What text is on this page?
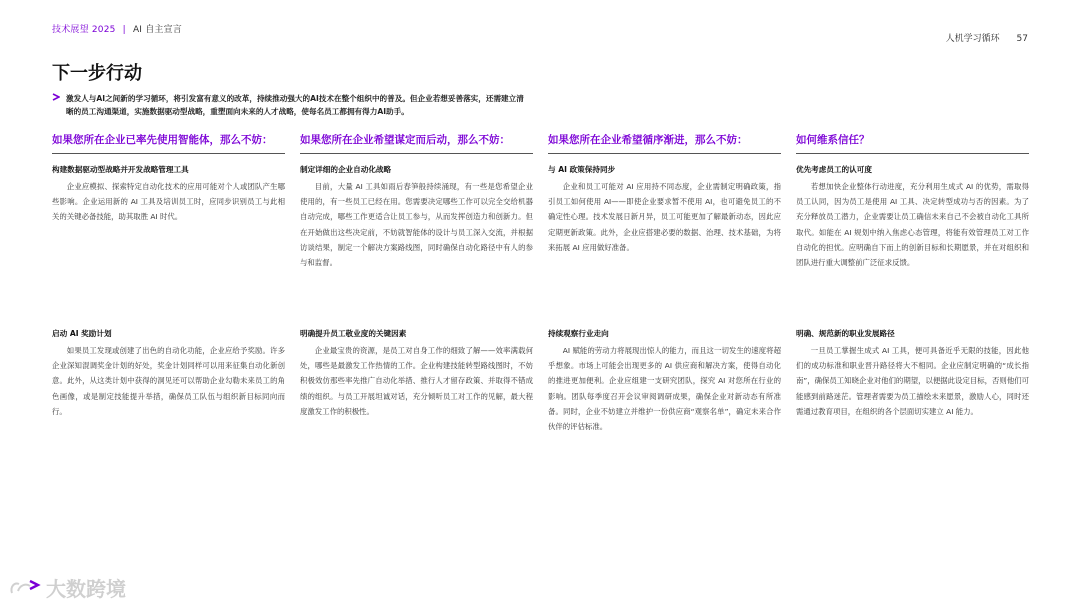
技术展望 2025 | AI 自主宣言
人机学习循环 57
下一步行动
激发人与AI之间新的学习循环，将引发富有意义的改革，持续推动强大的AI技术在整个组织中的普及。但企业若想妥善落实，还需建立清晰的员工沟通渠道，实施数据驱动型战略，重塑面向未来的人才战略，使每名员工都拥有得力AI助手。
如果您所在企业已率先使用智能体，那么不妨：
构建数据驱动型战略并开发战略管理工具
企业应模拟、探索特定自动化技术的应用可能对个人或团队产生哪些影响。企业运用新的 AI 工具及培训员工时，应同步识别员工与此相关的关键必备技能，助其取胜 AI 时代。
启动 AI 奖励计划
如果员工发现或创建了出色的自动化功能，企业应给予奖励。许多企业深知混调奖金计划的好处，奖金计划同样可以用来征集自动化新创意。此外，从这类计划中获得的洞见还可以帮助企业勾勒未来员工的角色画像，或是制定技能提升举措，确保员工队伍与组织新目标同向而行。
如果您所在企业希望谋定而后动，那么不妨：
制定详细的企业自动化战略
目前，大量 AI 工具如雨后春笋般持续涌现，有一些是您希望企业使用的，有一些员工已经在用。您需要决定哪些工作可以完全交给机器自动完成，哪些工作更适合让员工参与，从而发挥创造力和创新力。但在开始做出这些决定前，不妨就智能体的设计与员工深入交流，并根据访谈结果，制定一个解决方案路线图，同时确保自动化路径中有人的参与和监督。
明确提升员工敬业度的关键因素
企业最宝贵的资源，是员工对自身工作的细致了解——效率满载何处，哪些是最激发工作热情的工作。企业构建技能转型路线图时，不妨积极效仿那些率先推广自动化举措、推行人才留存政策、并取得不错成绩的组织。与员工开展坦诚对话，充分倾听员工对工作的见解，最大程度激发工作的积极性。
如果您所在企业希望循序渐进，那么不妨：
与 AI 政策保持同步
企业和员工可能对 AI 应用持不同态度，企业需制定明确政策，指引员工如何使用 AI——即使企业要求暂不使用 AI，也可避免员工的不确定性心理。技术发展日新月异，员工可能更加了解最新动态，因此应定期更新政策。此外，企业应搭建必要的数据、治理、技术基础，为将来拓展 AI 应用做好准备。
持续观察行业走向
AI 赋能的劳动力将展现出惊人的能力，而且这一切发生的速度将超乎想象。市场上可能会出现更多的 AI 供应商和解决方案，使得自动化的推进更加便利。企业应组建一支研究团队，探究 AI 对您所在行业的影响。团队每季度召开会议审阅调研成果，确保企业对新动态有所准备。同时，企业不妨建立并维护一份供应商“观察名单”，确定未来合作伙伴的评估标准。
如何维系信任？
优先考虑员工的认可度
若想加快企业整体行动进度，充分利用生成式 AI 的优势，需取得员工认同，因为员工是使用 AI 工具、决定转型成功与否的因素。为了充分释放员工潜力，企业需要让员工确信未来自己不会被自动化工具所取代。如能在 AI 规划中纳入焦虑心态管理，将能有效管理员工对工作自动化的担忧。应明确自下而上的创新目标和长期愿景，并在对组织和团队进行重大调整前广泛征求反馈。
明确、规范新的职业发展路径
一旦员工掌握生成式 AI 工具，便可具备近乎无限的技能，因此他们的成功标准和职业晋升路径将大不相同。企业应制定明确的“成长指南”，确保员工知晓企业对他们的期望，以便据此设定目标，否则他们可能感到前路迷茫。管理者需要为员工描绘未来愿景，激励人心，同时还需通过教育项目，在组织的各个层面切实建立 AI 能力。
大数跨境
